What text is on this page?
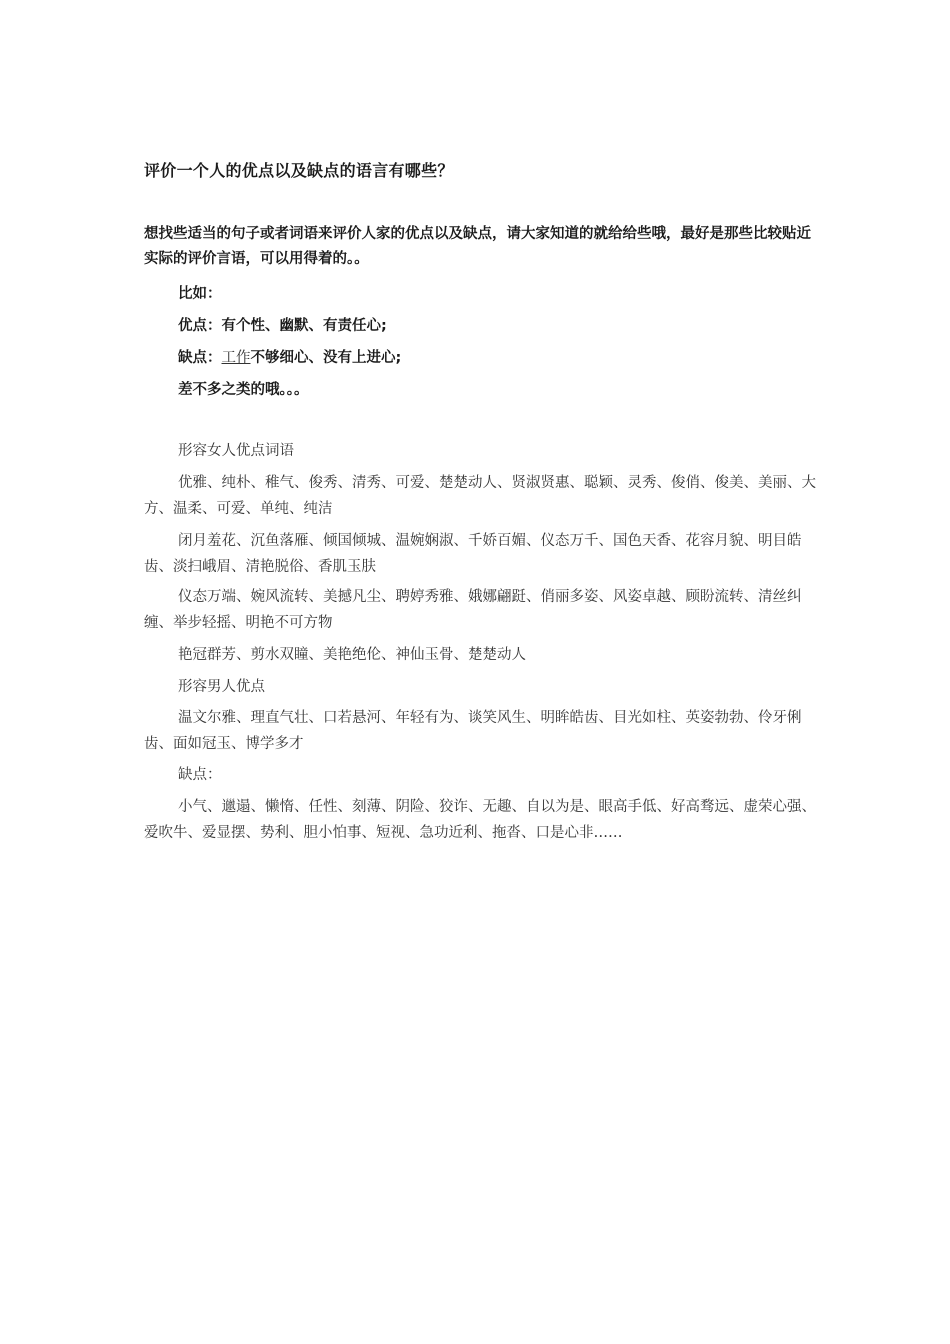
评价一个人的优点以及缺点的语言有哪些？
想找些适当的句子或者词语来评价人家的优点以及缺点，请大家知道的就给给些哦，最好是那些比较贴近实际的评价言语，可以用得着的。。
比如：
优点：有个性、幽默、有责任心;
缺点：工作不够细心、没有上进心;
差不多之类的哦。。。
形容女人优点词语
优雅、纯朴、稚气、俊秀、清秀、可爱、楚楚动人、贤淑贤惠、聪颖、灵秀、俊俏、俊美、美丽、大方、温柔、可爱、单纯、纯洁
闭月羞花、沉鱼落雁、倾国倾城、温婉娴淑、千娇百媚、仪态万千、国色天香、花容月貌、明目皓齿、淡扫峨眉、清艳脱俗、香肌玉肤
仪态万端、婉风流转、美撼凡尘、聘婷秀雅、娥娜翩跹、俏丽多姿、风姿卓越、顾盼流转、清丝纠缠、举步轻摇、明艳不可方物
艳冠群芳、剪水双瞳、美艳绝伦、神仙玉骨、楚楚动人
形容男人优点
温文尔雅、理直气壮、口若悬河、年轻有为、谈笑风生、明眸皓齿、目光如柱、英姿勃勃、伶牙俐齿、面如冠玉、博学多才
缺点：
小气、邋遢、懒惰、任性、刻薄、阴险、狡诈、无趣、自以为是、眼高手低、好高骛远、虚荣心强、爱吹牛、爱显摆、势利、胆小怕事、短视、急功近利、拖沓、口是心非……
